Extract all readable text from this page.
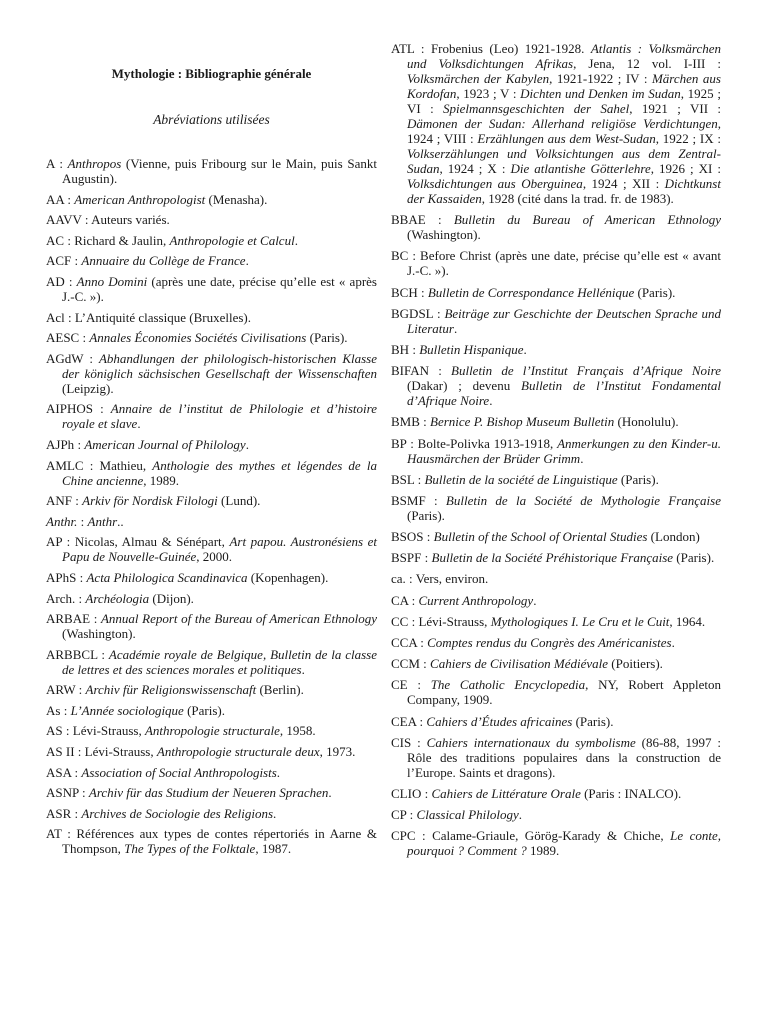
Mythologie : Bibliographie générale
Abréviations utilisées
A : Anthropos (Vienne, puis Fribourg sur le Main, puis Sankt Augustin).
AA : American Anthropologist (Menasha).
AAVV : Auteurs variés.
AC : Richard & Jaulin, Anthropologie et Calcul.
ACF : Annuaire du Collège de France.
AD : Anno Domini (après une date, précise qu’elle est « après J.-C. »).
Acl : L’Antiquité classique (Bruxelles).
AESC : Annales Économies Sociétés Civilisations (Paris).
AGdW : Abhandlungen der philologisch-historischen Klasse der königlich sächsischen Gesellschaft der Wissenschaften (Leipzig).
AIPHOS : Annaire de l’institut de Philologie et d’histoire royale et slave.
AJPh : American Journal of Philology.
AMLC : Mathieu, Anthologie des mythes et légendes de la Chine ancienne, 1989.
ANF : Arkiv för Nordisk Filologi (Lund).
Anthr. : Anthr..
AP : Nicolas, Almau & Sénépart, Art papou. Austronésiens et Papu de Nouvelle-Guinée, 2000.
APhS : Acta Philologica Scandinavica (Kopenhagen).
Arch. : Archéologia (Dijon).
ARBAE : Annual Report of the Bureau of American Ethnology (Washington).
ARBBCL : Académie royale de Belgique, Bulletin de la classe de lettres et des sciences morales et politiques.
ARW : Archiv für Religionswissenschaft (Berlin).
As : L’Année sociologique (Paris).
AS : Lévi-Strauss, Anthropologie structurale, 1958.
AS II : Lévi-Strauss, Anthropologie structurale deux, 1973.
ASA : Association of Social Anthropologists.
ASNP : Archiv für das Studium der Neueren Sprachen.
ASR : Archives de Sociologie des Religions.
AT : Références aux types de contes répertoriés in Aarne & Thompson, The Types of the Folktale, 1987.
ATL : Frobenius (Leo) 1921-1928. Atlantis : Volksmärchen und Volksdichtungen Afrikas, Jena, 12 vol. I-III : Volksmärchen der Kabylen, 1921-1922 ; IV : Märchen aus Kordofan, 1923 ; V : Dichten und Denken im Sudan, 1925 ; VI : Spielmannsgeschichten der Sahel, 1921 ; VII : Dämonen der Sudan: Allerhand religiöse Verdichtungen, 1924 ; VIII : Erzählungen aus dem West-Sudan, 1922 ; IX : Volkserzählungen und Volksichtungen aus dem Zentral-Sudan, 1924 ; X : Die atlantishe Götterlehre, 1926 ; XI : Volksdichtungen aus Oberguinea, 1924 ; XII : Dichtkunst der Kassaiden, 1928 (cité dans la trad. fr. de 1983).
BBAE : Bulletin du Bureau of American Ethnology (Washington).
BC : Before Christ (après une date, précise qu’elle est « avant J.-C. »).
BCH : Bulletin de Correspondance Hellénique (Paris).
BGDSL : Beiträge zur Geschichte der Deutschen Sprache und Literatur.
BH : Bulletin Hispanique.
BIFAN : Bulletin de l’Institut Français d’Afrique Noire (Dakar) ; devenu Bulletin de l’Institut Fondamental d’Afrique Noire.
BMB : Bernice P. Bishop Museum Bulletin (Honolulu).
BP : Bolte-Polivka 1913-1918, Anmerkungen zu den Kinder-u. Hausmärchen der Brüder Grimm.
BSL : Bulletin de la société de Linguistique (Paris).
BSMF : Bulletin de la Société de Mythologie Française (Paris).
BSOS : Bulletin of the School of Oriental Studies (London)
BSPF : Bulletin de la Société Préhistorique Française (Paris).
ca. : Vers, environ.
CA : Current Anthropology.
CC : Lévi-Strauss, Mythologiques I. Le Cru et le Cuit, 1964.
CCA : Comptes rendus du Congrès des Américanistes.
CCM : Cahiers de Civilisation Médiévale (Poitiers).
CE : The Catholic Encyclopedia, NY, Robert Appleton Company, 1909.
CEA : Cahiers d’Études africaines (Paris).
CIS : Cahiers internationaux du symbolisme (86-88, 1997 : Rôle des traditions populaires dans la construction de l’Europe. Saints et dragons).
CLIO : Cahiers de Littérature Orale (Paris : INALCO).
CP : Classical Philology.
CPC : Calame-Griaule, Görög-Karady & Chiche, Le conte, pourquoi ? Comment ? 1989.
